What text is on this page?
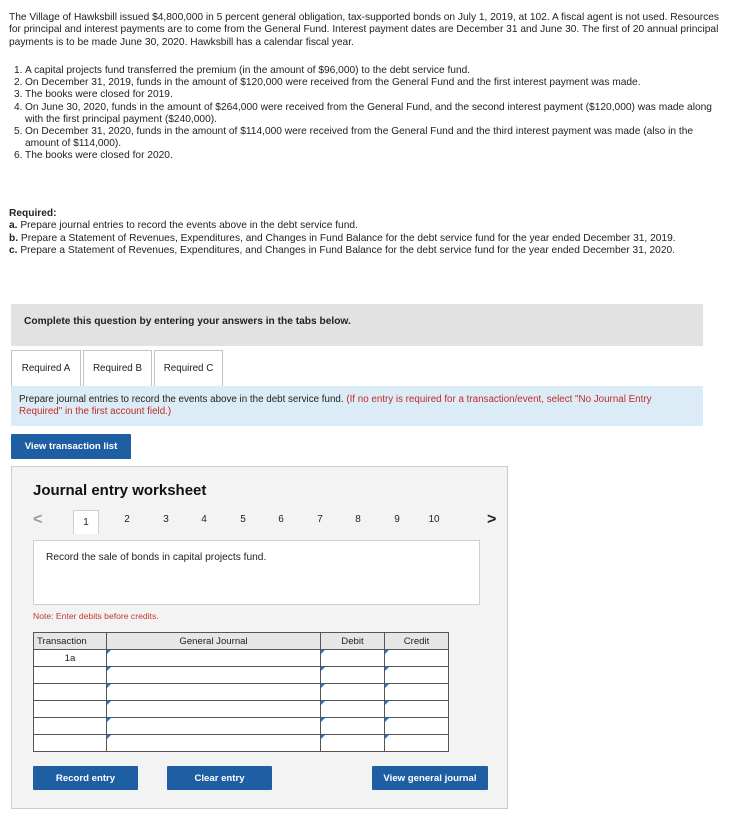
The Village of Hawksbill issued $4,800,000 in 5 percent general obligation, tax-supported bonds on July 1, 2019, at 102. A fiscal agent is not used. Resources for principal and interest payments are to come from the General Fund. Interest payment dates are December 31 and June 30. The first of 20 annual principal payments is to be made June 30, 2020. Hawksbill has a calendar fiscal year.
1. A capital projects fund transferred the premium (in the amount of $96,000) to the debt service fund.
2. On December 31, 2019, funds in the amount of $120,000 were received from the General Fund and the first interest payment was made.
3. The books were closed for 2019.
4. On June 30, 2020, funds in the amount of $264,000 were received from the General Fund, and the second interest payment ($120,000) was made along with the first principal payment ($240,000).
5. On December 31, 2020, funds in the amount of $114,000 were received from the General Fund and the third interest payment was made (also in the amount of $114,000).
6. The books were closed for 2020.
Required:
a. Prepare journal entries to record the events above in the debt service fund.
b. Prepare a Statement of Revenues, Expenditures, and Changes in Fund Balance for the debt service fund for the year ended December 31, 2019.
c. Prepare a Statement of Revenues, Expenditures, and Changes in Fund Balance for the debt service fund for the year ended December 31, 2020.
Complete this question by entering your answers in the tabs below.
Required A	Required B	Required C
Prepare journal entries to record the events above in the debt service fund. (If no entry is required for a transaction/event, select "No Journal Entry Required" in the first account field.)
View transaction list
Journal entry worksheet
<	1	2	3	4	5	6	7	8	9	10	>
Record the sale of bonds in capital projects fund.
Note: Enter debits before credits.
Transaction	General Journal	Debit	Credit
1a			

Record entry	Clear entry	View general journal
